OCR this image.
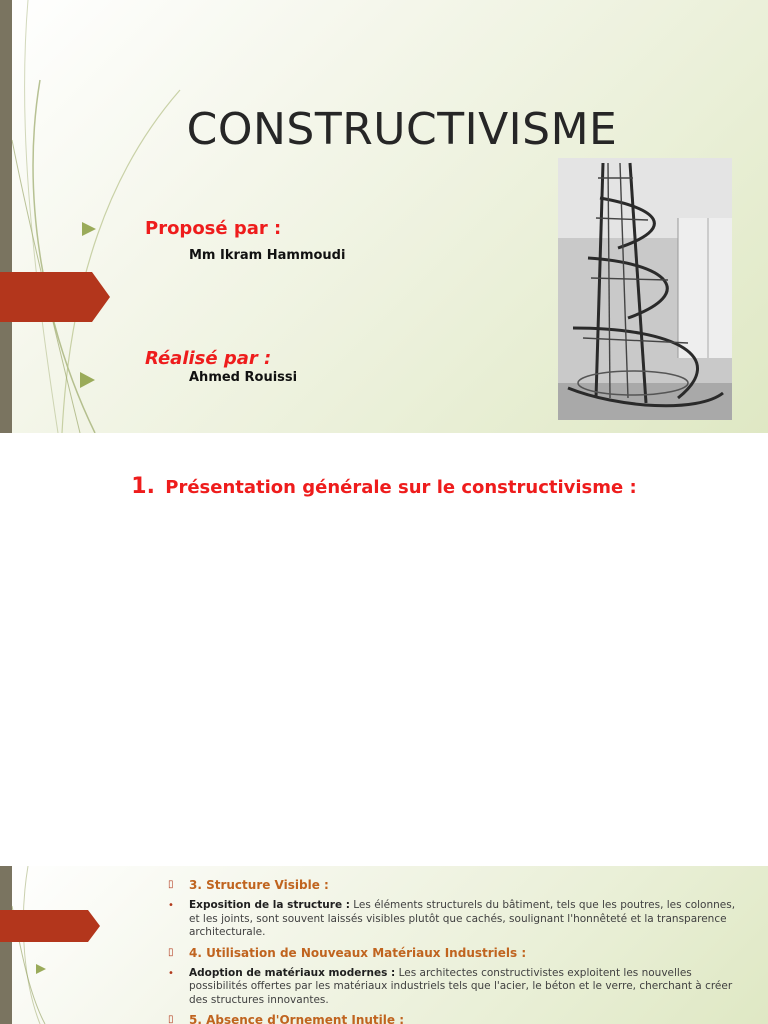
CONSTRUCTIVISME
Proposé par :
Mm Ikram Hammoudi
Réalisé par :
Ahmed Rouissi
1. Présentation générale sur le constructivisme :
▯ 3. Structure Visible :
• Exposition de la structure : Les éléments structurels du bâtiment, tels que les poutres, les colonnes, et les joints, sont souvent laissés visibles plutôt que cachés, soulignant l'honnêteté et la transparence architecturale.
▯ 4. Utilisation de Nouveaux Matériaux Industriels :
• Adoption de matériaux modernes : Les architectes constructivistes exploitent les nouvelles possibilités offertes par les matériaux industriels tels que l'acier, le béton et le verre, cherchant à créer des structures innovantes.
▯ 5. Absence d'Ornement Inutile :
